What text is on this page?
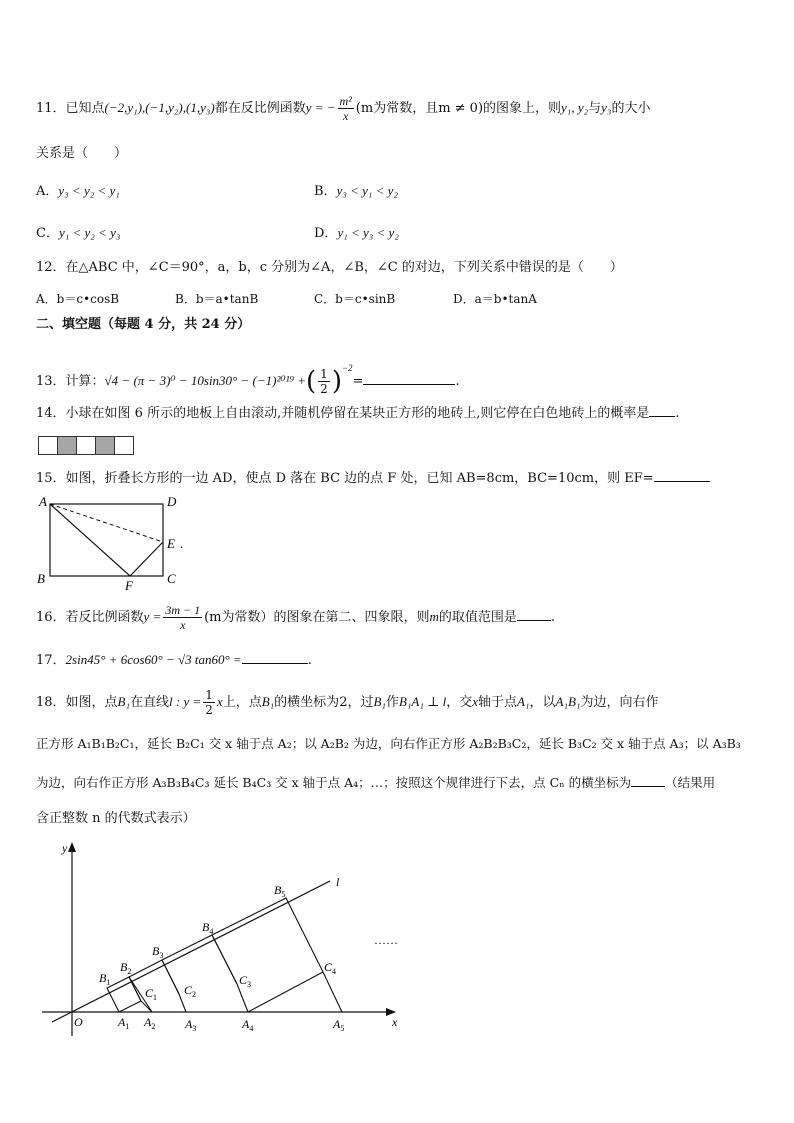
11．已知点(−2,y₁),(−1,y₂),(1,y₃)都在反比例函数y = − $\frac{\text{m²}}{x} (m$为常数，且m ≠ 0)的图象上，则y₁, y₂与y₃的大小
关系是（　　）
A．y₃ < y₂ < y₁	B．y₃ < y₁ < y₂
C．y₁ < y₂ < y₃	D．y₁ < y₃ < y₂
12．在△ABC 中，∠C＝90°，a，b，c 分别为∠A，∠B，∠C 的对边，下列关系中错误的是（　　）
A．b＝c•cosB	B．b＝a•tanB	C．b＝c•sinB	D．a＝b•tanA
二、填空题（每题 4 分，共 24 分）
13．计算：√4 − (π − 3)⁰ − 10sin30° − (−1)²⁰¹⁹ +( $\frac{1}{2} )^{-2}=$	.
14．小球在如图 6 所示的地板上自由滚动,并随机停留在某块正方形的地砖上,则它停在白色地砖上的概率是 .
15．如图，折叠长方形的一边 AD，使点 D 落在 BC 边的点 F 处，已知 AB=8cm，BC=10cm，则 EF=
A	D
E .
B	F	C
16．若反比例函数$y = \frac{3m - 1}{x} (m$为常数）的图象在第二、四象限，则m的取值范围是	.
17．2sin45° + 6cos60° − √3 tan60° =	.
18．如图，点B₁在直线l : $y = \frac{1}{2}$ x上，点B₁的横坐标为2，过B₁作B₁A₁ ⊥ l，交x轴于点A₁，以A₁B₁为边，向右作
正方形 A₁B₁B₂C₁，延长 B₂C₁ 交 x 轴于点 A₂；以 A₂B₂ 为边，向右作正方形 A₂B₂B₃C₂，延长 B₃C₂ 交 x 轴于点 A₃；以 A₃B₃
为边，向右作正方形 A₃B₃B₄C₃ 延长 B₄C₃ 交 x 轴于点 A₄；…；按照这个规律进行下去，点 Cₙ 的横坐标为	（结果用
含正整数 n 的代数式表示）
y
x
O
l
……
$B_1$
$B_2$
$B_3$
$B_4$
$B_5$
$C_1$
$C_2$
$C_3$
$C_4$
$A_1$ $A_2$ $A_3$	$A_4$	$A_5$
